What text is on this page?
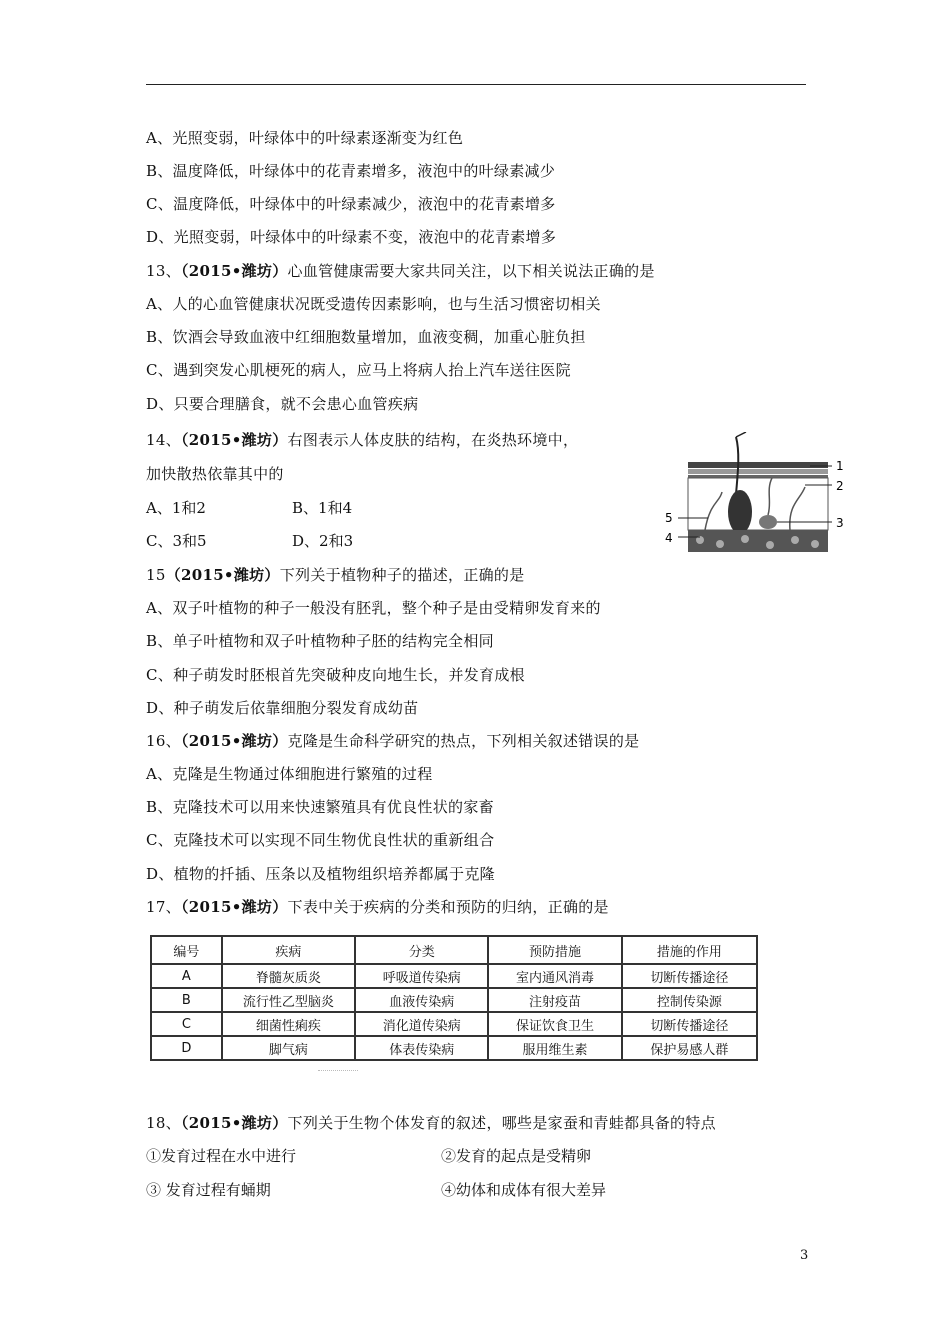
A、光照变弱，叶绿体中的叶绿素逐渐变为红色
B、温度降低，叶绿体中的花青素增多，液泡中的叶绿素减少
C、温度降低，叶绿体中的叶绿素减少，液泡中的花青素增多
D、光照变弱，叶绿体中的叶绿素不变，液泡中的花青素增多
13、（2015•潍坊）心血管健康需要大家共同关注，以下相关说法正确的是
A、人的心血管健康状况既受遗传因素影响，也与生活习惯密切相关
B、饮酒会导致血液中红细胞数量增加，血液变稠，加重心脏负担
C、遇到突发心肌梗死的病人，应马上将病人抬上汽车送往医院
D、只要合理膳食，就不会患心血管疾病
14、（2015•潍坊）右图表示人体皮肤的结构，在炎热环境中，
加快散热依靠其中的
A、1和2	B、1和4
C、3和5	D、2和3
1
2
3
4
5
15（2015•潍坊）下列关于植物种子的描述，正确的是
A、双子叶植物的种子一般没有胚乳，整个种子是由受精卵发育来的
B、单子叶植物和双子叶植物种子胚的结构完全相同
C、种子萌发时胚根首先突破种皮向地生长，并发育成根
D、种子萌发后依靠细胞分裂发育成幼苗
16、（2015•潍坊）克隆是生命科学研究的热点，下列相关叙述错误的是
A、克隆是生物通过体细胞进行繁殖的过程
B、克隆技术可以用来快速繁殖具有优良性状的家畜
C、克隆技术可以实现不同生物优良性状的重新组合
D、植物的扦插、压条以及植物组织培养都属于克隆
17、（2015•潍坊）下表中关于疾病的分类和预防的归纳，正确的是
编号	疾病	分类	预防措施	措施的作用
A	脊髓灰质炎	呼吸道传染病	室内通风消毒	切断传播途径
B	流行性乙型脑炎	血液传染病	注射疫苗	控制传染源
C	细菌性痢疾	消化道传染病	保证饮食卫生	切断传播途径
D	脚气病	体表传染病	服用维生素	保护易感人群
18、（2015•潍坊）下列关于生物个体发育的叙述，哪些是家蚕和青蛙都具备的特点
①发育过程在水中进行	②发育的起点是受精卵
③ 发育过程有蛹期	④幼体和成体有很大差异
3
